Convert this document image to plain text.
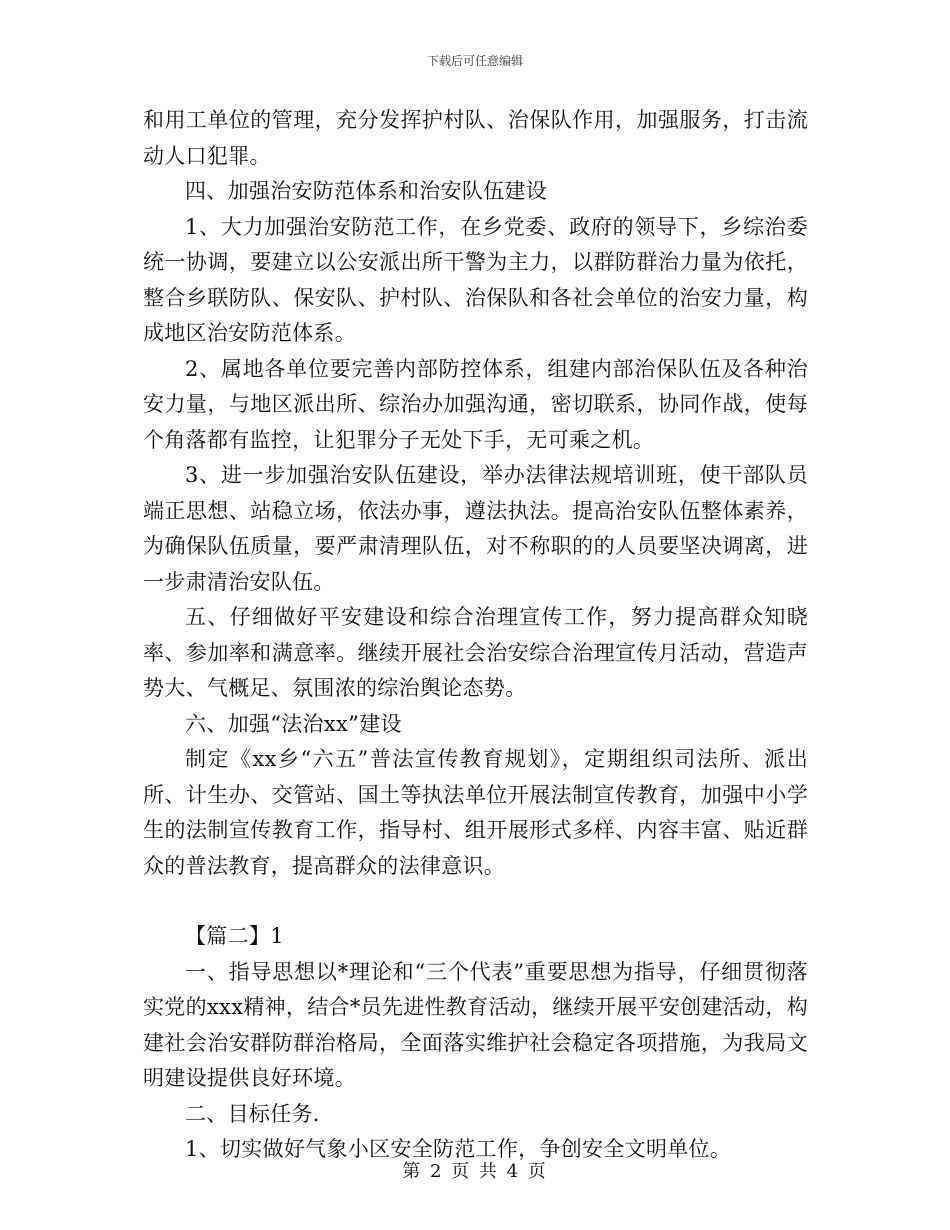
下载后可任意编辑

和用工单位的管理，充分发挥护村队、治保队作用，加强服务，打击流动人口犯罪。

四、加强治安防范体系和治安队伍建设

1、大力加强治安防范工作，在乡党委、政府的领导下，乡综治委统一协调，要建立以公安派出所干警为主力，以群防群治力量为依托，整合乡联防队、保安队、护村队、治保队和各社会单位的治安力量，构成地区治安防范体系。

2、属地各单位要完善内部防控体系，组建内部治保队伍及各种治安力量，与地区派出所、综治办加强沟通，密切联系，协同作战，使每个角落都有监控，让犯罪分子无处下手，无可乘之机。

3、进一步加强治安队伍建设，举办法律法规培训班，使干部队员端正思想、站稳立场，依法办事，遵法执法。提高治安队伍整体素养，为确保队伍质量，要严肃清理队伍，对不称职的的人员要坚决调离，进一步肃清治安队伍。

五、仔细做好平安建设和综合治理宣传工作，努力提高群众知晓率、参加率和满意率。继续开展社会治安综合治理宣传月活动，营造声势大、气概足、氛围浓的综治舆论态势。

六、加强“法治xx”建设

制定《xx乡“六五”普法宣传教育规划》，定期组织司法所、派出所、计生办、交管站、国土等执法单位开展法制宣传教育，加强中小学生的法制宣传教育工作，指导村、组开展形式多样、内容丰富、贴近群众的普法教育，提高群众的法律意识。

【篇二】1

一、指导思想以*理论和“三个代表”重要思想为指导，仔细贯彻落实党的xxx精神，结合*员先进性教育活动，继续开展平安创建活动，构建社会治安群防群治格局，全面落实维护社会稳定各项措施，为我局文明建设提供良好环境。

二、目标任务.

1、切实做好气象小区安全防范工作，争创安全文明单位。

第 2 页 共 4 页
